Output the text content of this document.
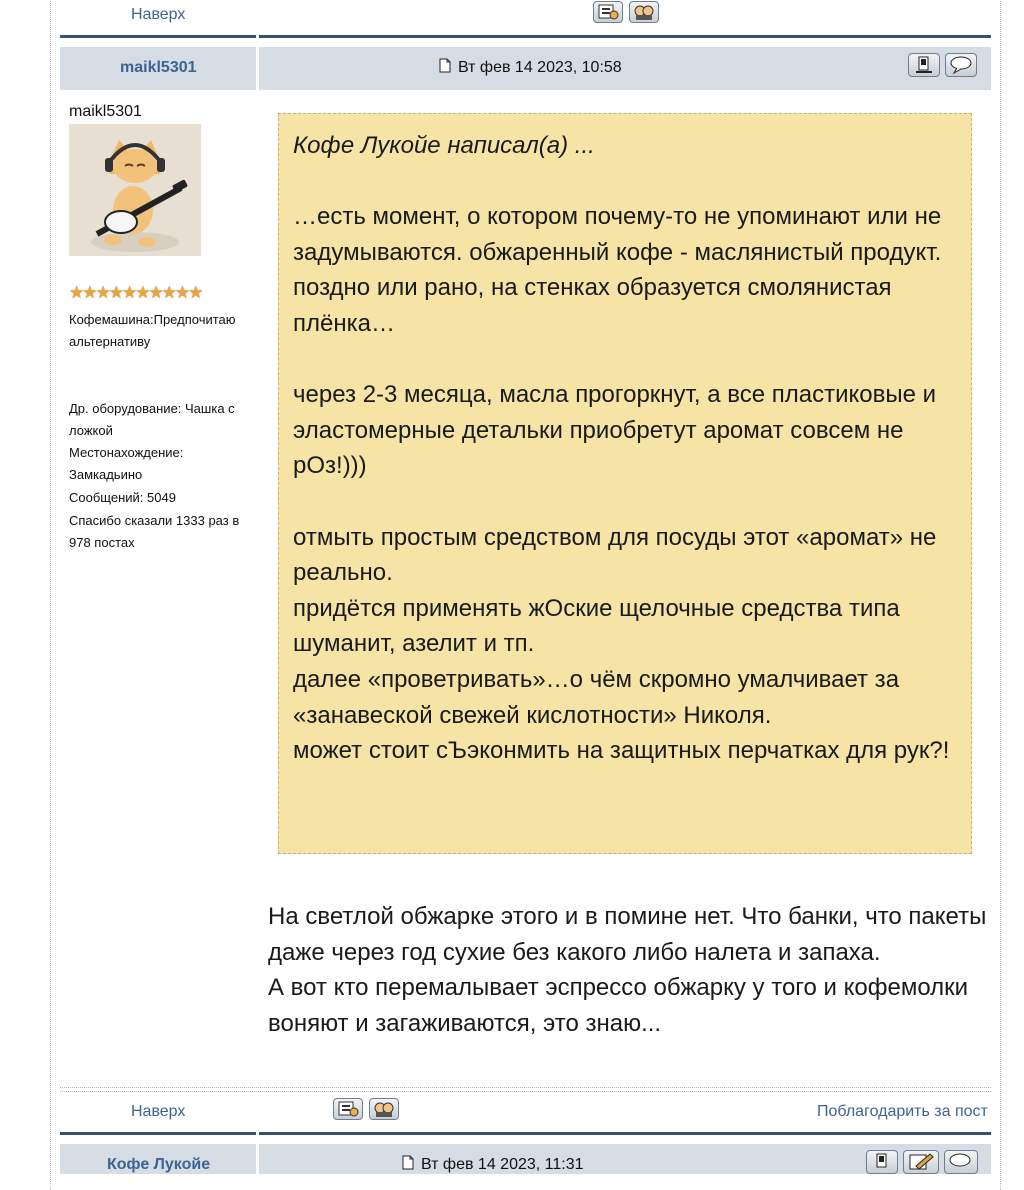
Наверх
maikl5301	Вт фев 14 2023, 10:58
maikl5301
★★★★★★★★★★
Кофемашина:Предпочитаю альтернативу
Др. оборудование: Чашка с ложкой
Местонахождение: Замкадьино
Сообщений: 5049
Спасибо сказали 1333 раз в 978 постах

Кофе Лукойе написал(а) ...

…есть момент, о котором почему-то не упоминают или не задумываются. обжаренный кофе - маслянистый продукт. поздно или рано, на стенках образуется смолянистая плёнка…

через 2-3 месяца, масла прогоркнут, а все пластиковые и эластомерные детальки приобретут аромат совсем не рОз!)))

отмыть простым средством для посуды этот «аромат» не реально.

придётся применять жОские щелочные средства типа шуманит, азелит и тп.

далее «проветривать»…о чём скромно умалчивает за «занавеской свежей кислотности» Николя.

может стоит сЪэконмить на защитных перчатках для рук?!

На светлой обжарке этого и в помине нет. Что банки, что пакеты даже через год сухие без какого либо налета и запаха.

А вот кто перемалывает эспрессо обжарку у того и кофемолки воняют и загаживаются, это знаю...

Наверх	Поблагодарить за пост
Кофе Лукойе	Вт фев 14 2023, 11:31
